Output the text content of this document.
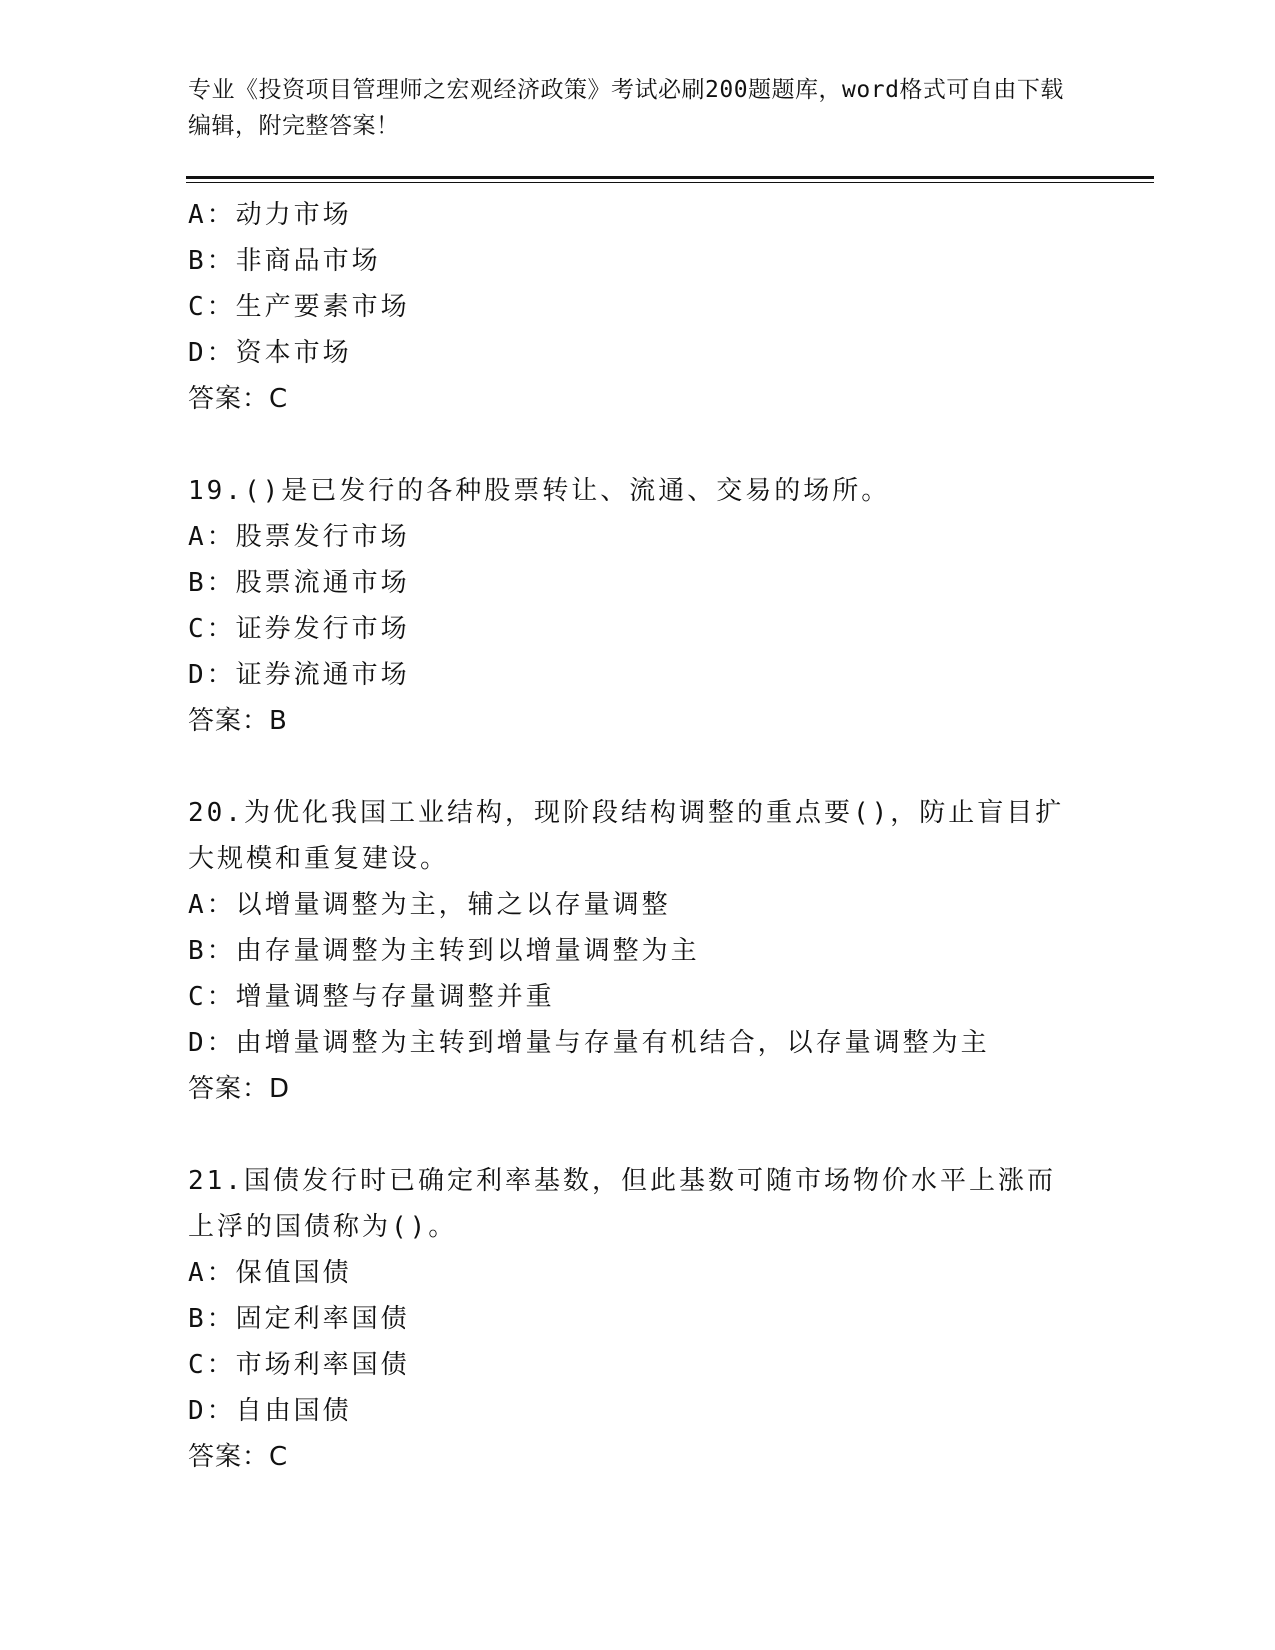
专业《投资项目管理师之宏观经济政策》考试必刷200题题库，word格式可自由下载编辑，附完整答案！
A：动力市场
B：非商品市场
C：生产要素市场
D：资本市场
答案：C
19.()是已发行的各种股票转让、流通、交易的场所。
A：股票发行市场
B：股票流通市场
C：证券发行市场
D：证券流通市场
答案：B
20.为优化我国工业结构，现阶段结构调整的重点要()，防止盲目扩大规模和重复建设。
A：以增量调整为主，辅之以存量调整
B：由存量调整为主转到以增量调整为主
C：增量调整与存量调整并重
D：由增量调整为主转到增量与存量有机结合，以存量调整为主
答案：D
21.国债发行时已确定利率基数，但此基数可随市场物价水平上涨而上浮的国债称为()。
A：保值国债
B：固定利率国债
C：市场利率国债
D：自由国债
答案：C
